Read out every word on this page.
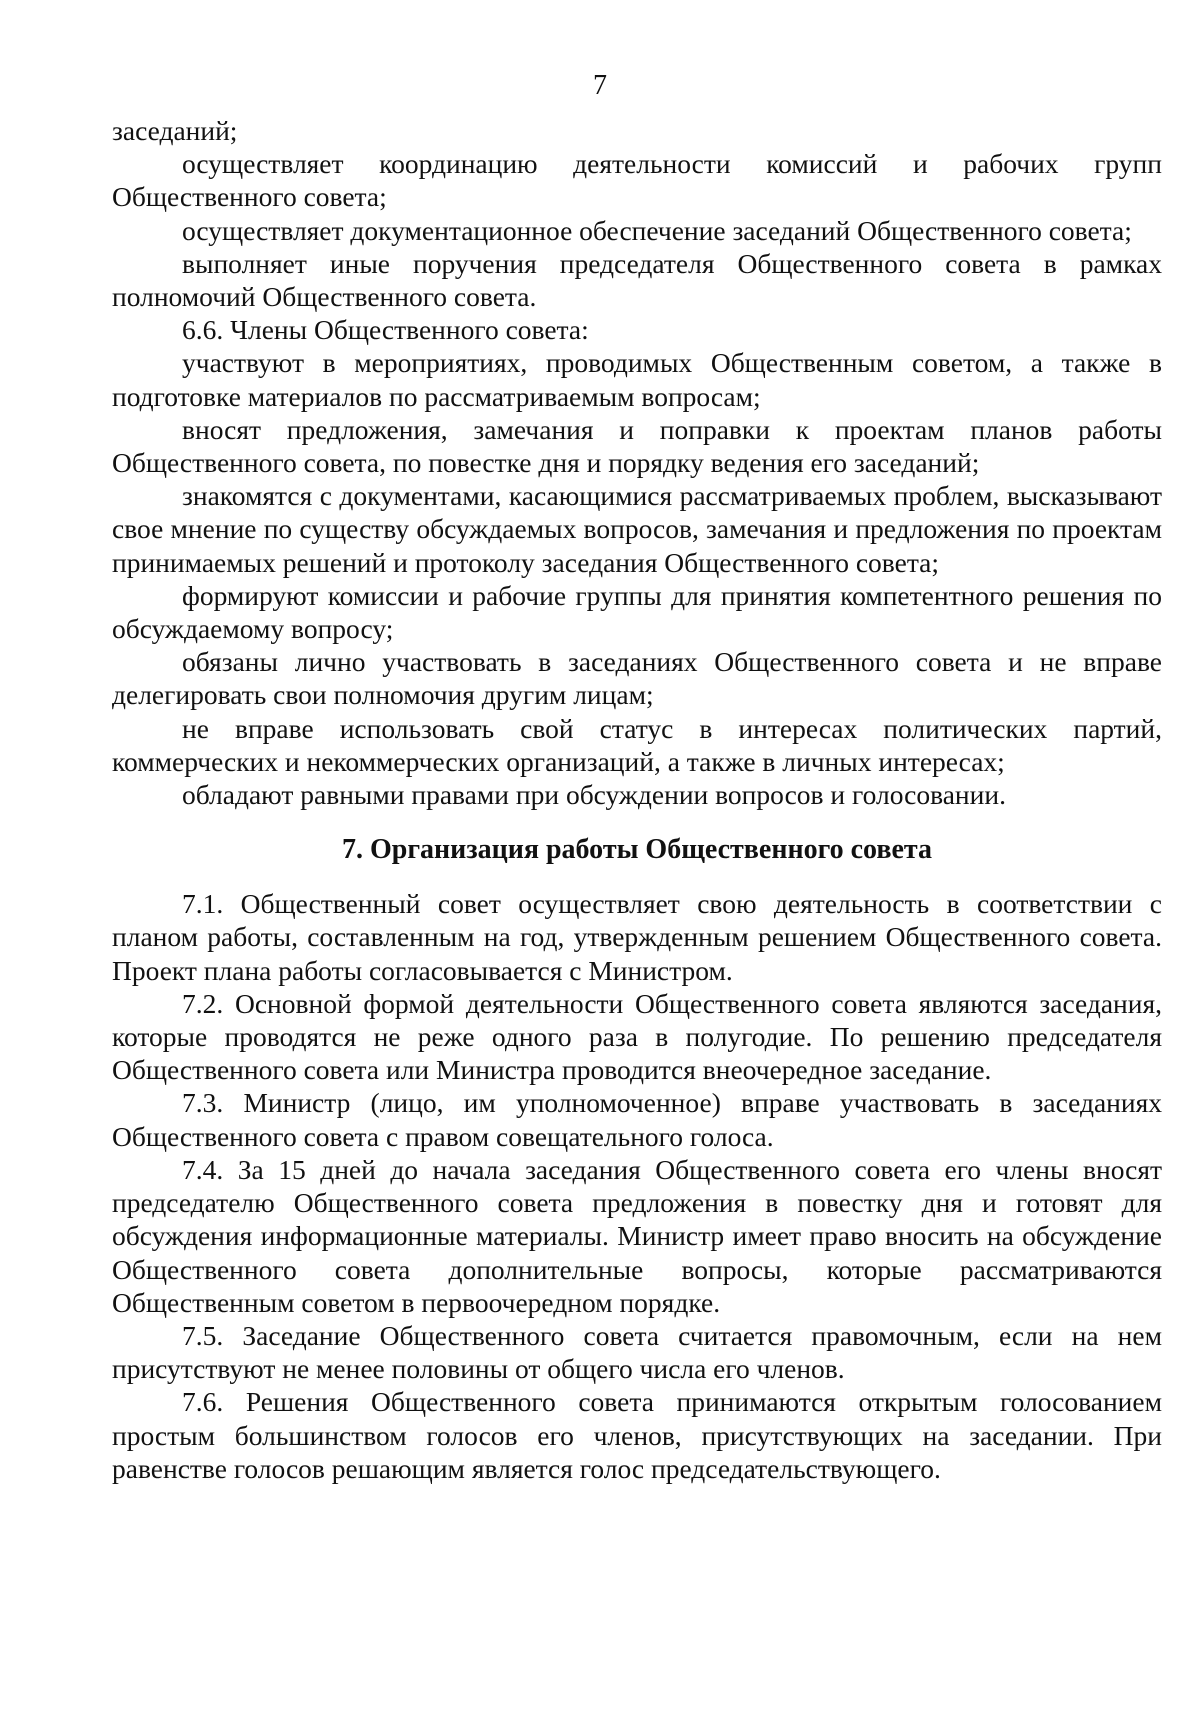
7

заседаний;

осуществляет координацию деятельности комиссий и рабочих групп Общественного совета;

осуществляет документационное обеспечение заседаний Общественного совета;

выполняет иные поручения председателя Общественного совета в рамках полномочий Общественного совета.

6.6. Члены Общественного совета:

участвуют в мероприятиях, проводимых Общественным советом, а также в подготовке материалов по рассматриваемым вопросам;

вносят предложения, замечания и поправки к проектам планов работы Общественного совета, по повестке дня и порядку ведения его заседаний;

знакомятся с документами, касающимися рассматриваемых проблем, высказывают свое мнение по существу обсуждаемых вопросов, замечания и предложения по проектам принимаемых решений и протоколу заседания Общественного совета;

формируют комиссии и рабочие группы для принятия компетентного решения по обсуждаемому вопросу;

обязаны лично участвовать в заседаниях Общественного совета и не вправе делегировать свои полномочия другим лицам;

не вправе использовать свой статус в интересах политических партий, коммерческих и некоммерческих организаций, а также в личных интересах;

обладают равными правами при обсуждении вопросов и голосовании.

7. Организация работы Общественного совета

7.1. Общественный совет осуществляет свою деятельность в соответствии с планом работы, составленным на год, утвержденным решением Общественного совета. Проект плана работы согласовывается с Министром.

7.2. Основной формой деятельности Общественного совета являются заседания, которые проводятся не реже одного раза в полугодие. По решению председателя Общественного совета или Министра проводится внеочередное заседание.

7.3. Министр (лицо, им уполномоченное) вправе участвовать в заседаниях Общественного совета с правом совещательного голоса.

7.4. За 15 дней до начала заседания Общественного совета его члены вносят председателю Общественного совета предложения в повестку дня и готовят для обсуждения информационные материалы. Министр имеет право вносить на обсуждение Общественного совета дополнительные вопросы, которые рассматриваются Общественным советом в первоочередном порядке.

7.5. Заседание Общественного совета считается правомочным, если на нем присутствуют не менее половины от общего числа его членов.

7.6. Решения Общественного совета принимаются открытым голосованием простым большинством голосов его членов, присутствующих на заседании. При равенстве голосов решающим является голос председательствующего.
